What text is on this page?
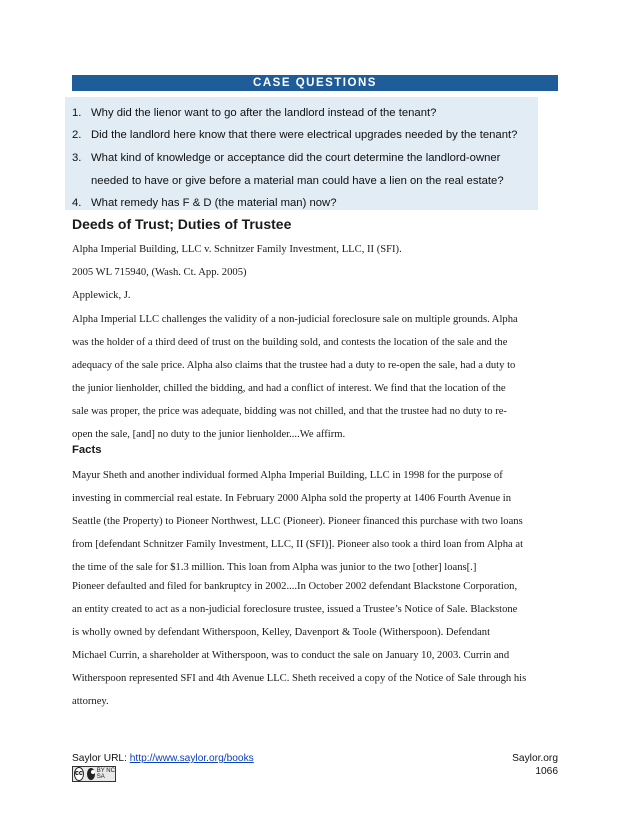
CASE QUESTIONS
1. Why did the lienor want to go after the landlord instead of the tenant?
2. Did the landlord here know that there were electrical upgrades needed by the tenant?
3. What kind of knowledge or acceptance did the court determine the landlord-owner
needed to have or give before a material man could have a lien on the real estate?
4. What remedy has F & D (the material man) now?
Deeds of Trust; Duties of Trustee
Alpha Imperial Building, LLC v. Schnitzer Family Investment, LLC, II (SFI).
2005 WL 715940, (Wash. Ct. App. 2005)
Applewick, J.
Alpha Imperial LLC challenges the validity of a non-judicial foreclosure sale on multiple grounds. Alpha
was the holder of a third deed of trust on the building sold, and contests the location of the sale and the
adequacy of the sale price. Alpha also claims that the trustee had a duty to re-open the sale, had a duty to
the junior lienholder, chilled the bidding, and had a conflict of interest. We find that the location of the
sale was proper, the price was adequate, bidding was not chilled, and that the trustee had no duty to re-
open the sale, [and] no duty to the junior lienholder....We affirm.
Facts
Mayur Sheth and another individual formed Alpha Imperial Building, LLC in 1998 for the purpose of
investing in commercial real estate. In February 2000 Alpha sold the property at 1406 Fourth Avenue in
Seattle (the Property) to Pioneer Northwest, LLC (Pioneer). Pioneer financed this purchase with two loans
from [defendant Schnitzer Family Investment, LLC, II (SFI)]. Pioneer also took a third loan from Alpha at
the time of the sale for $1.3 million. This loan from Alpha was junior to the two [other] loans[.]
Pioneer defaulted and filed for bankruptcy in 2002....In October 2002 defendant Blackstone Corporation,
an entity created to act as a non-judicial foreclosure trustee, issued a Trustee’s Notice of Sale. Blackstone
is wholly owned by defendant Witherspoon, Kelley, Davenport & Toole (Witherspoon). Defendant
Michael Currin, a shareholder at Witherspoon, was to conduct the sale on January 10, 2003. Currin and
Witherspoon represented SFI and 4th Avenue LLC. Sheth received a copy of the Notice of Sale through his
attorney.
Saylor URL: http://www.saylor.org/books
cc BY NC SA
Saylor.org
1066
